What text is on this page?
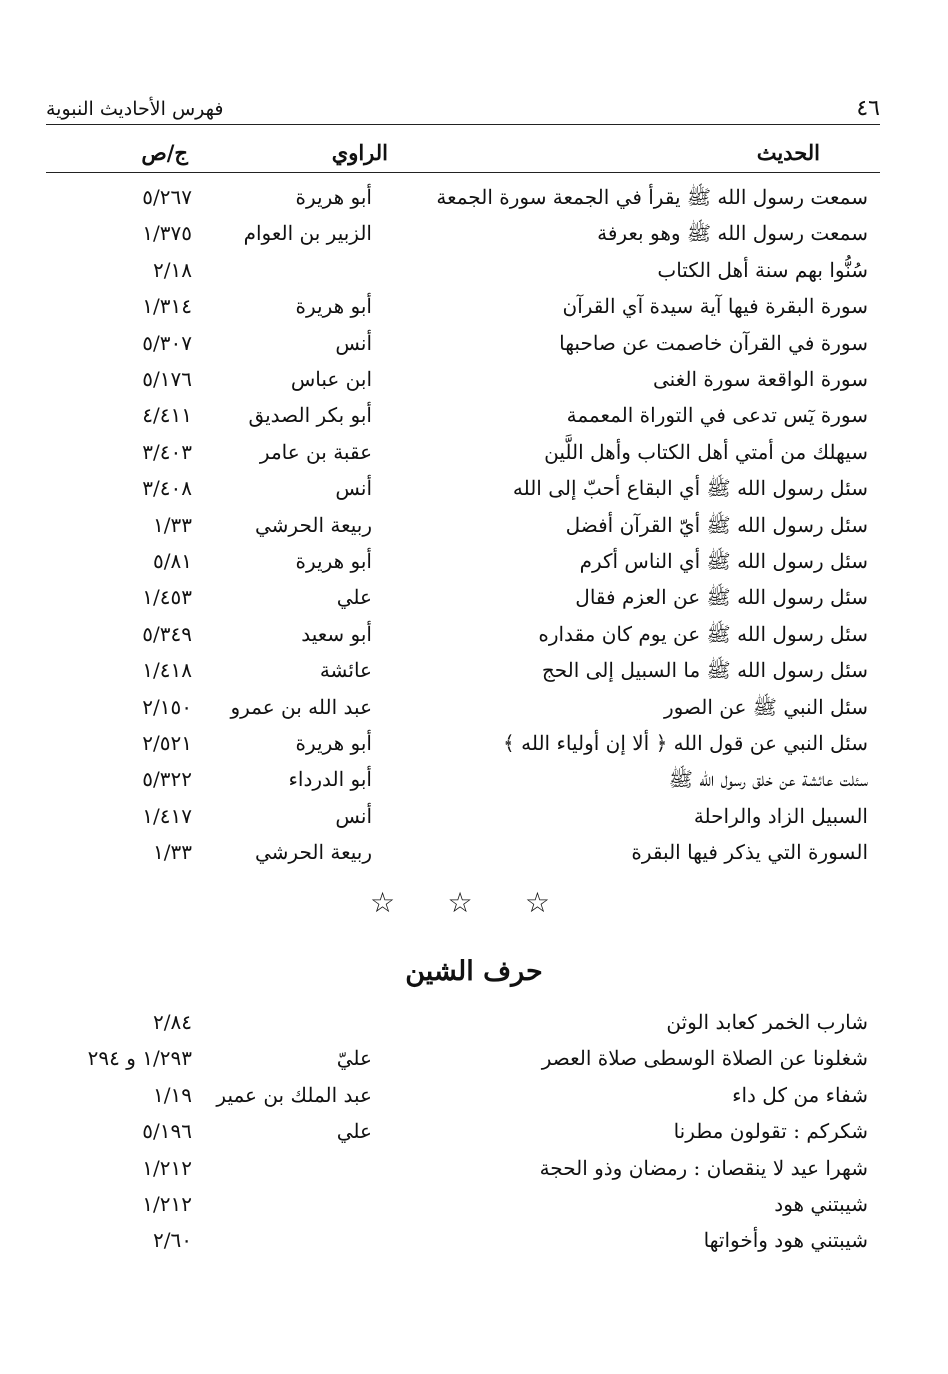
٤٦
فهرس الأحاديث النبوية
الحديث
الراوي
ج/ص
سمعت رسول الله ﷺ يقرأ في الجمعة سورة الجمعة
أبو هريرة
٥/٢٦٧
سمعت رسول الله ﷺ وهو بعرفة
الزبير بن العوام
١/٣٧٥
سُنُّوا بهم سنة أهل الكتاب
٢/١٨
سورة البقرة فيها آية سيدة آي القرآن
أبو هريرة
١/٣١٤
سورة في القرآن خاصمت عن صاحبها
أنس
٥/٣٠٧
سورة الواقعة سورة الغنى
ابن عباس
٥/١٧٦
سورة يٓس تدعى في التوراة المعممة
أبو بكر الصديق
٤/٤١١
سيهلك من أمتي أهل الكتاب وأهل اللَّين
عقبة بن عامر
٣/٤٠٣
سئل رسول الله ﷺ أي البقاع أحبّ إلى الله
أنس
٣/٤٠٨
سئل رسول الله ﷺ أيّ القرآن أفضل
ربيعة الحرشي
١/٣٣
سئل رسول الله ﷺ أي الناس أكرم
أبو هريرة
٥/٨١
سئل رسول الله ﷺ عن العزم فقال
علي
١/٤٥٣
سئل رسول الله ﷺ عن يوم كان مقداره
أبو سعيد
٥/٣٤٩
سئل رسول الله ﷺ ما السبيل إلى الحج
عائشة
١/٤١٨
سئل النبي ﷺ عن الصور
عبد الله بن عمرو
٢/١٥٠
سئل النبي عن قول الله ﴿ ألا إن أولياء الله ﴾
أبو هريرة
٢/٥٢١
سئلت عائشة عن خلق رسول الله ﷺ
أبو الدرداء
٥/٣٢٢
السبيل الزاد والراحلة
أنس
١/٤١٧
السورة التي يذكر فيها البقرة
ربيعة الحرشي
١/٣٣
☆ ☆ ☆
حرف الشين
شارب الخمر كعابد الوثن
٢/٨٤
شغلونا عن الصلاة الوسطى صلاة العصر
عليّ
١/٢٩٣ و ٢٩٤
شفاء من كل داء
عبد الملك بن عمير
١/١٩
شكركم : تقولون مطرنا
علي
٥/١٩٦
شهرا عيد لا ينقصان : رمضان وذو الحجة
١/٢١٢
شيبتني هود
١/٢١٢
شيبتني هود وأخواتها
٢/٦٠
